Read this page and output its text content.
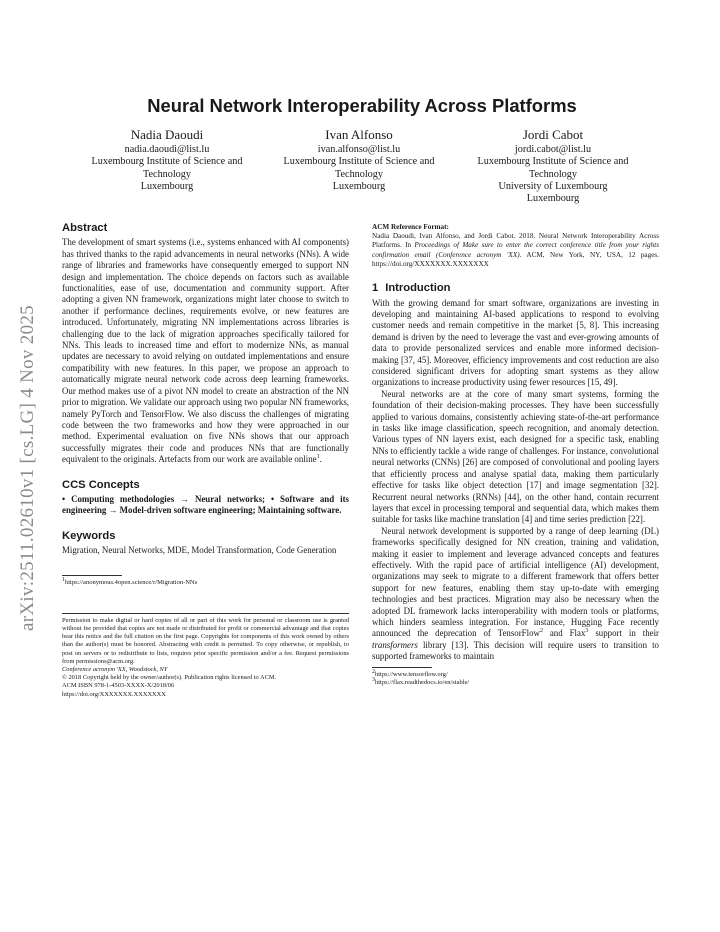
arXiv:2511.02610v1 [cs.LG] 4 Nov 2025
Neural Network Interoperability Across Platforms
Nadia Daoudi
nadia.daoudi@list.lu
Luxembourg Institute of Science and
Technology
Luxembourg
Ivan Alfonso
ivan.alfonso@list.lu
Luxembourg Institute of Science and
Technology
Luxembourg
Jordi Cabot
jordi.cabot@list.lu
Luxembourg Institute of Science and
Technology
University of Luxembourg
Luxembourg
Abstract

The development of smart systems (i.e., systems enhanced with AI components) has thrived thanks to the rapid advancements in neural networks (NNs). A wide range of libraries and frameworks have consequently emerged to support NN design and implementation. The choice depends on factors such as available functionalities, ease of use, documentation and community support. After adopting a given NN framework, organizations might later choose to switch to another if performance declines, requirements evolve, or new features are introduced. Unfortunately, migrating NN implementations across libraries is challenging due to the lack of migration approaches specifically tailored for NNs. This leads to increased time and effort to modernize NNs, as manual updates are necessary to avoid relying on outdated implementations and ensure compatibility with new features. In this paper, we propose an approach to automatically migrate neural network code across deep learning frameworks. Our method makes use of a pivot NN model to create an abstraction of the NN prior to migration. We validate our approach using two popular NN frameworks, namely PyTorch and TensorFlow. We also discuss the challenges of migrating code between the two frameworks and how they were approached in our method. Experimental evaluation on five NNs shows that our approach successfully migrates their code and produces NNs that are functionally equivalent to the originals. Artefacts from our work are available online$^1$.

CCS Concepts

• Computing methodologies → Neural networks; • Software and its engineering → Model-driven software engineering; Maintaining software.

Keywords

Migration, Neural Networks, MDE, Model Transformation, Code Generation

1https://anonymous.4open.science/r/Migration-NNs
Permission to make digital or hard copies of all or part of this work for personal or classroom use is granted without fee provided that copies are not made or distributed for profit or commercial advantage and that copies bear this notice and the full citation on the first page. Copyrights for components of this work owned by others than the author(s) must be honored. Abstracting with credit is permitted. To copy otherwise, or republish, to post on servers or to redistribute to lists, requires prior specific permission and/or a fee. Request permissions from permissions@acm.org.
Conference acronym 'XX, Woodstock, NY
© 2018 Copyright held by the owner/author(s). Publication rights licensed to ACM.
ACM ISBN 978-1-4503-XXXX-X/2018/06
https://doi.org/XXXXXXX.XXXXXXX
ACM Reference Format:
Nadia Daoudi, Ivan Alfonso, and Jordi Cabot. 2018. Neural Network Interoperability Across Platforms. In Proceedings of Make sure to enter the correct conference title from your rights confirmation email (Conference acronym 'XX). ACM, New York, NY, USA, 12 pages. https://doi.org/XXXXXXX.XXXXXXX
1 Introduction

With the growing demand for smart software, organizations are investing in developing and maintaining AI-based applications to respond to evolving customer needs and remain competitive in the market [5, 8]. This increasing demand is driven by the need to leverage the vast and ever-growing amounts of data to provide personalized services and enable more informed decision-making [37, 45]. Moreover, efficiency improvements and cost reduction are also considered significant drivers for adopting smart systems as they allow organizations to increase productivity using fewer resources [15, 49].

Neural networks are at the core of many smart systems, forming the foundation of their decision-making processes. They have been successfully applied to various domains, consistently achieving state-of-the-art performance in tasks like image classification, speech recognition, and anomaly detection. Various types of NN layers exist, each designed for a specific task, enabling NNs to efficiently tackle a wide range of challenges. For instance, convolutional neural networks (CNNs) [26] are composed of convolutional and pooling layers that efficiently process and analyse spatial data, making them particularly effective for tasks like object detection [17] and image segmentation [32]. Recurrent neural networks (RNNs) [44], on the other hand, contain recurrent layers that excel in processing temporal and sequential data, which makes them suitable for tasks like machine translation [4] and time series prediction [22].

Neural network development is supported by a range of deep learning (DL) frameworks specifically designed for NN creation, training and validation, making it easier to implement and leverage advanced concepts and features effectively. With the rapid pace of artificial intelligence (AI) development, organizations may seek to migrate to a different framework that offers better support for new features, enabling them stay up-to-date with emerging technologies and best practices. Migration may also be necessary when the adopted DL framework lacks interoperability with modern tools or platforms, which hinders seamless integration. For instance, Hugging Face recently announced the deprecation of TensorFlow$^2$ and Flax$^3$ support in their transformers library [13]. This decision will require users to transition to supported frameworks to maintain

2https://www.tensorflow.org/
3https://flax.readthedocs.io/en/stable/
